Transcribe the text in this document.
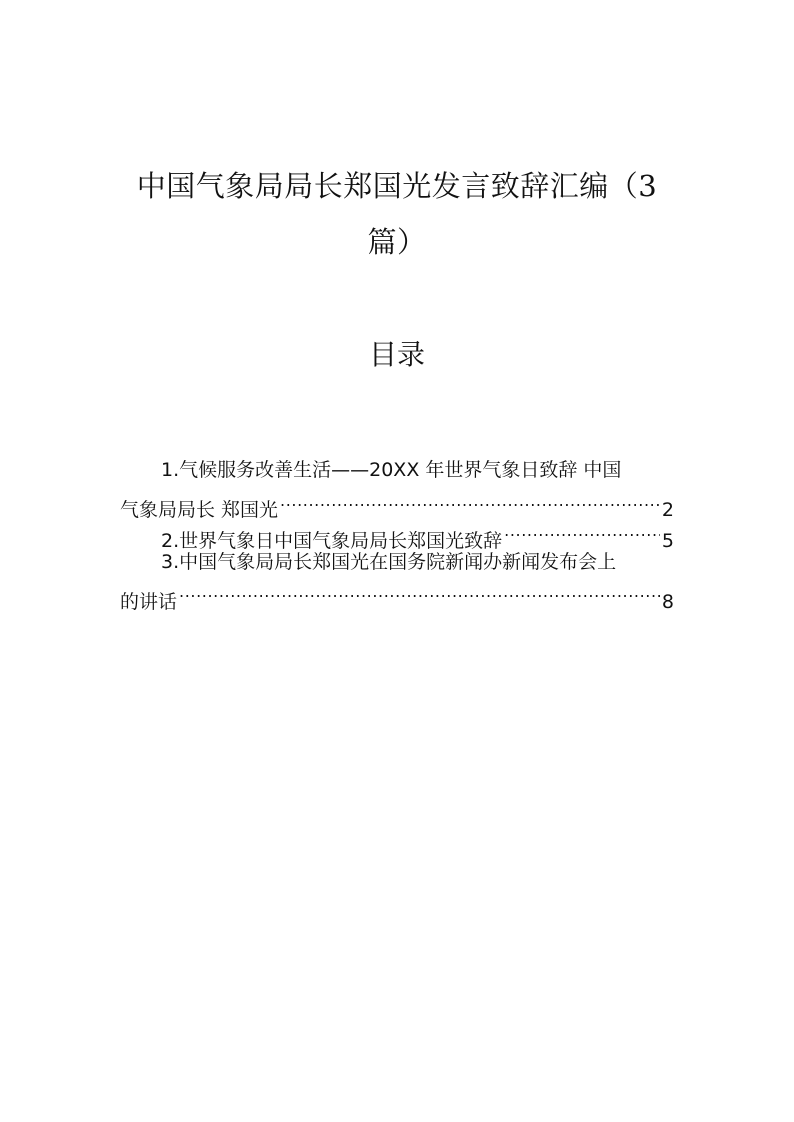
中国气象局局长郑国光发言致辞汇编（3
篇）
目录
1.气候服务改善生活——20XX 年世界气象日致辞 中国
气象局局长 郑国光 .....	2
2.世界气象日中国气象局局长郑国光致辞 .....	5
3.中国气象局局长郑国光在国务院新闻办新闻发布会上
的讲话 .....	8
